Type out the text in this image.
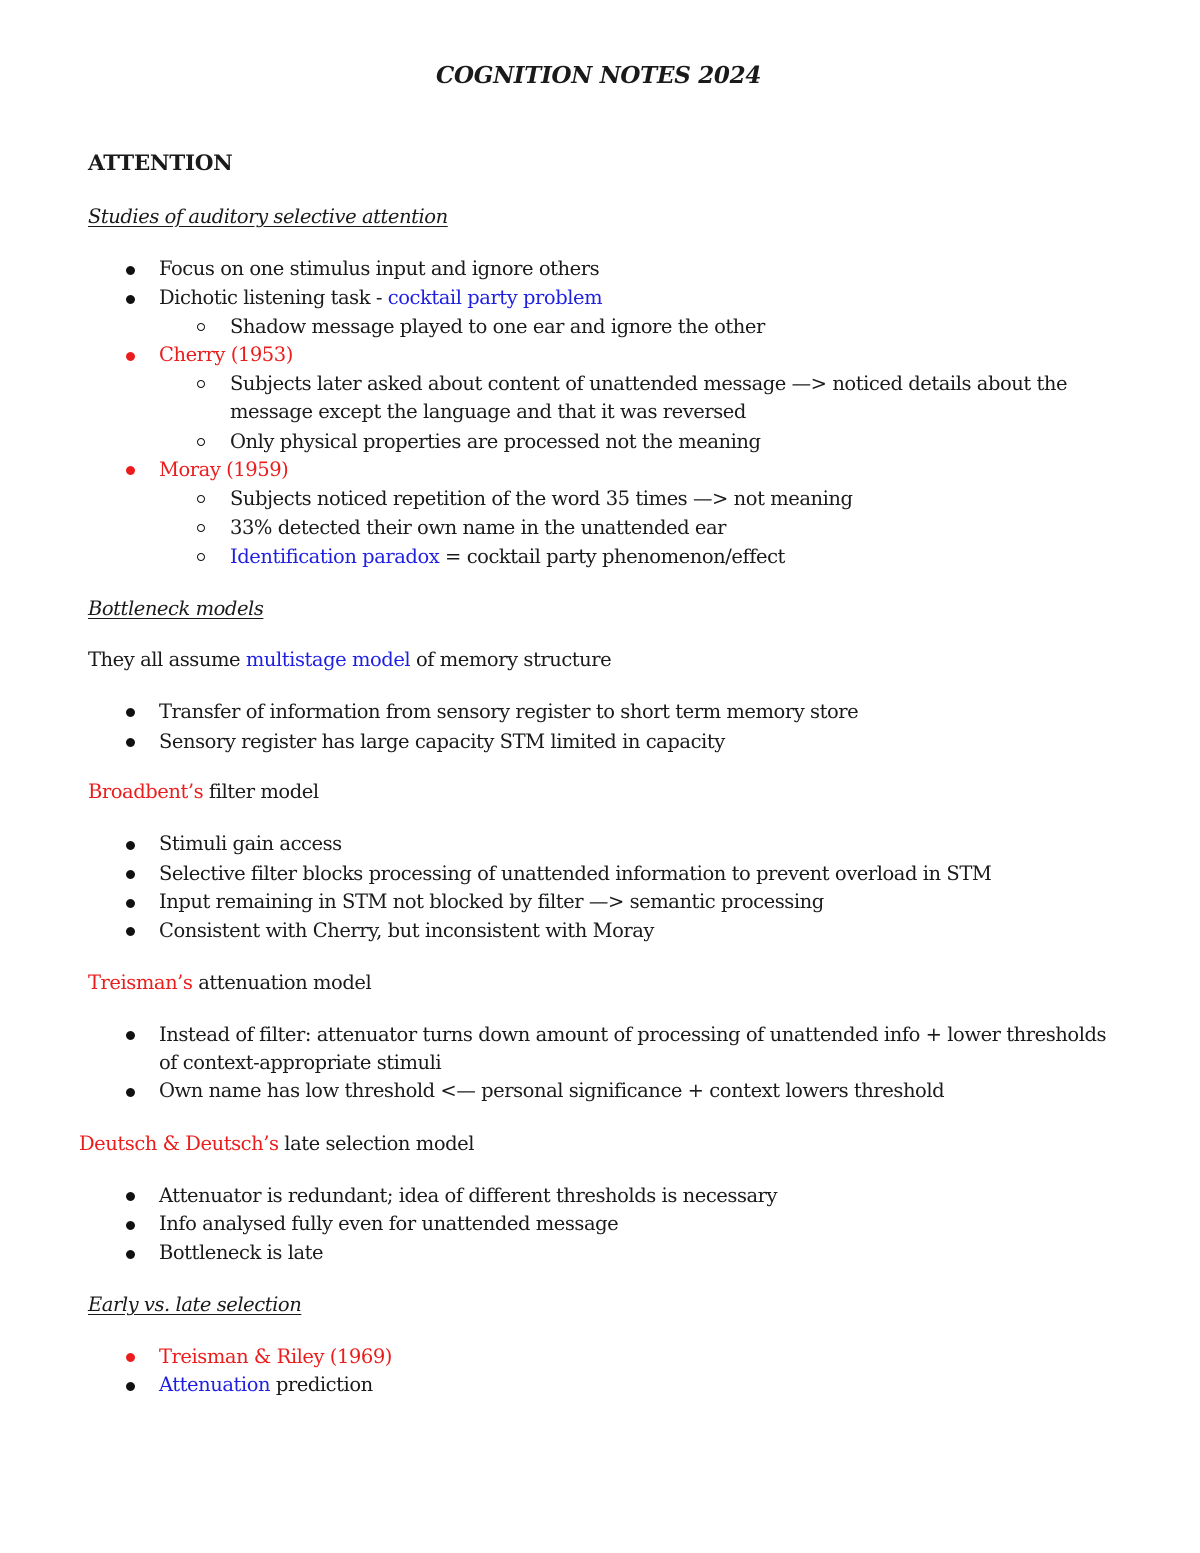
COGNITION NOTES 2024
ATTENTION
Studies of auditory selective attention
Focus on one stimulus input and ignore others
Dichotic listening task - cocktail party problem
Shadow message played to one ear and ignore the other
Cherry (1953)
Subjects later asked about content of unattended message —> noticed details about the
message except the language and that it was reversed
Only physical properties are processed not the meaning
Moray (1959)
Subjects noticed repetition of the word 35 times —> not meaning
33% detected their own name in the unattended ear
Identification paradox = cocktail party phenomenon/effect
Bottleneck models
They all assume multistage model of memory structure
Transfer of information from sensory register to short term memory store
Sensory register has large capacity STM limited in capacity
Broadbent’s filter model
Stimuli gain access
Selective filter blocks processing of unattended information to prevent overload in STM
Input remaining in STM not blocked by filter —> semantic processing
Consistent with Cherry, but inconsistent with Moray
Treisman’s attenuation model
Instead of filter: attenuator turns down amount of processing of unattended info + lower thresholds
of context-appropriate stimuli
Own name has low threshold <— personal significance + context lowers threshold
Deutsch & Deutsch’s late selection model
Attenuator is redundant; idea of different thresholds is necessary
Info analysed fully even for unattended message
Bottleneck is late
Early vs. late selection
Treisman & Riley (1969)
Attenuation prediction
